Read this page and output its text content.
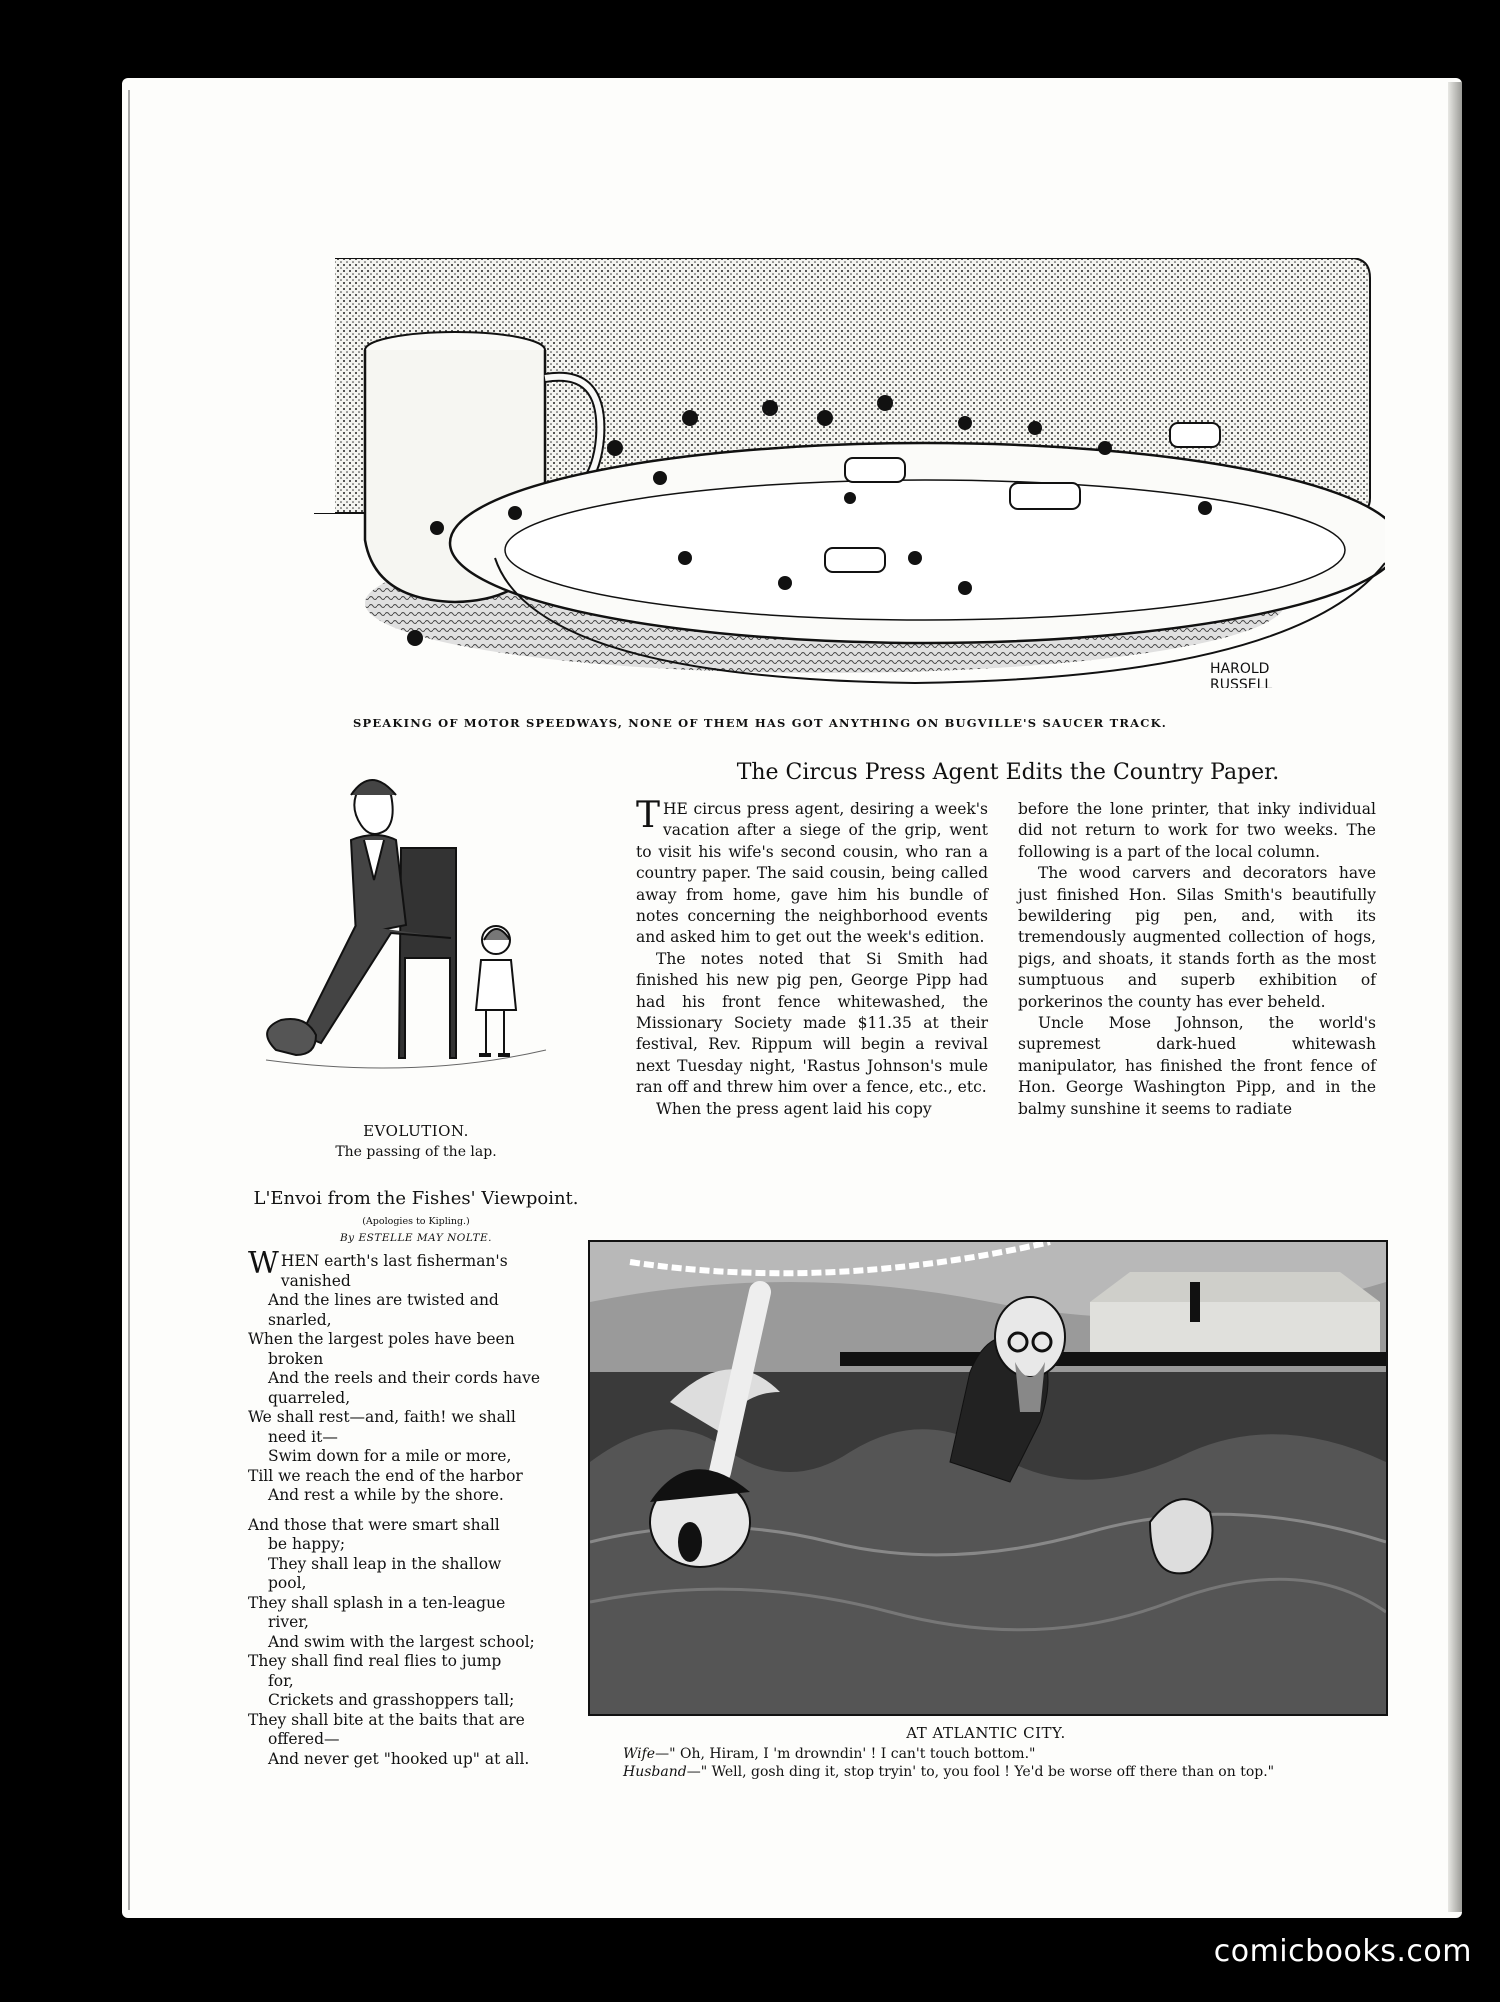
HAROLD RUSSELL
SPEAKING OF MOTOR SPEEDWAYS, NONE OF THEM HAS GOT ANYTHING ON BUGVILLE'S SAUCER TRACK.
EVOLUTION.
The passing of the lap.
L'Envoi from the Fishes' Viewpoint.
(Apologies to Kipling.)
By ESTELLE MAY NOLTE.
W HEN earth's last fisherman's
vanished
And the lines are twisted and
snarled,
When the largest poles have been
broken
And the reels and their cords have
quarreled,
We shall rest—and, faith! we shall
need it—
Swim down for a mile or more,
Till we reach the end of the harbor
And rest a while by the shore.
And those that were smart shall
be happy;
They shall leap in the shallow
pool,
They shall splash in a ten-league
river,
And swim with the largest school;
They shall find real flies to jump
for,
Crickets and grasshoppers tall;
They shall bite at the baits that are
offered—
And never get "hooked up" at all.
The Circus Press Agent Edits the Country Paper.

THE circus press agent, desiring a week's vacation after a siege of the grip, went to visit his wife's second cousin, who ran a country paper. The said cousin, being called away from home, gave him his bundle of notes concerning the neighborhood events and asked him to get out the week's edition.

The notes noted that Si Smith had finished his new pig pen, George Pipp had had his front fence whitewashed, the Missionary Society made $11.35 at their festival, Rev. Rippum will begin a revival next Tuesday night, 'Rastus Johnson's mule ran off and threw him over a fence, etc., etc.

When the press agent laid his copy

before the lone printer, that inky individual did not return to work for two weeks. The following is a part of the local column.

The wood carvers and decorators have just finished Hon. Silas Smith's beautifully bewildering pig pen, and, with its tremendously augmented collection of hogs, pigs, and shoats, it stands forth as the most sumptuous and superb exhibition of porkerinos the county has ever beheld.

Uncle Mose Johnson, the world's supremest dark-hued whitewash manipulator, has finished the front fence of Hon. George Washington Pipp, and in the balmy sunshine it seems to radiate

AT ATLANTIC CITY.
Wife—" Oh, Hiram, I 'm drowndin' ! I can't touch bottom."
Husband—" Well, gosh ding it, stop tryin' to, you fool ! Ye'd be worse off there than on top."
comicbooks.com
